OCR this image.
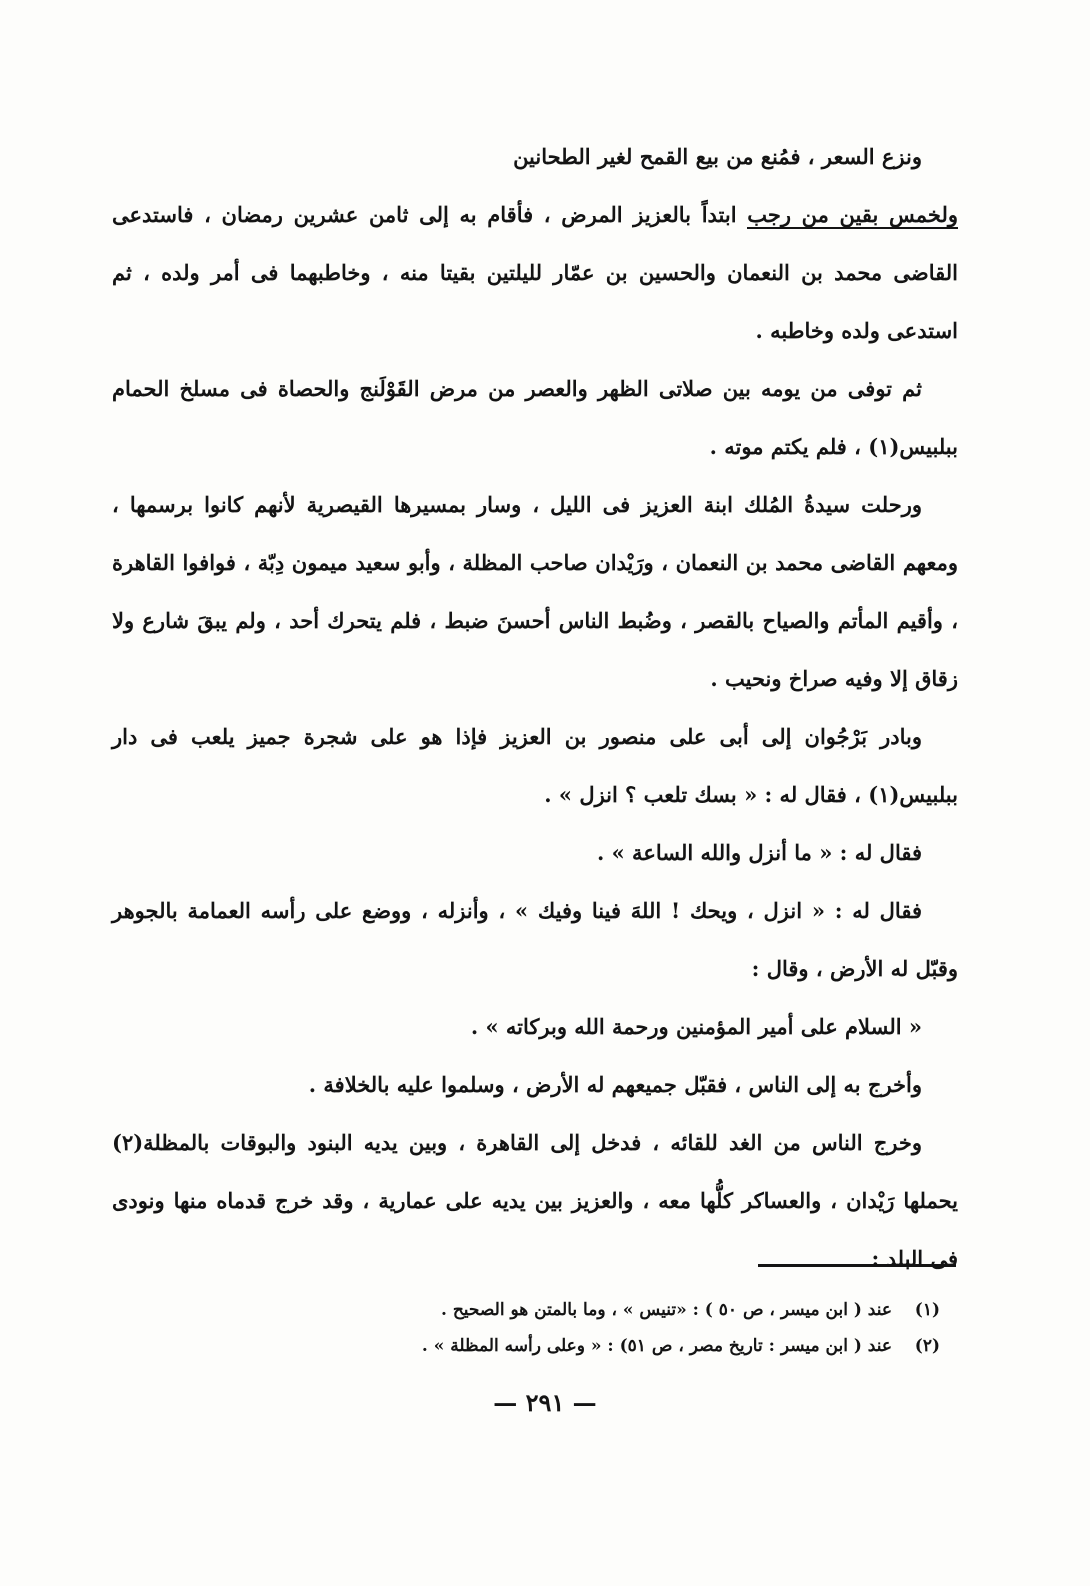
ونزع السعر ، فمُنع من بيع القمح لغير الطحانين

ولخمس بقين من رجب ابتداً بالعزيز المرض ، فأقام به إلى ثامن عشرين رمضان ، فاستدعى القاضى محمد بن النعمان والحسين بن عمّار لليلتين بقيتا منه ، وخاطبهما فى أمر ولده ، ثم استدعى ولده وخاطبه .

ثم توفى من يومه بين صلاتى الظهر والعصر من مرض القَوْلَنج والحصاة فى مسلخ الحمام ببلبيس(١) ، فلم يكتم موته .

ورحلت سيدةُ المُلك ابنة العزيز فى الليل ، وسار بمسيرها القيصرية لأنهم كانوا برسمها ، ومعهم القاضى محمد بن النعمان ، ورَيْدان صاحب المظلة ، وأبو سعيد ميمون دِبّة ، فوافوا القاهرة ، وأقيم المأتم والصياح بالقصر ، وضُبط الناس أحسنَ ضبط ، فلم يتحرك أحد ، ولم يبقَ شارع ولا زقاق إلا وفيه صراخ ونحيب .

وبادر بَرْجُوان إلى أبى على منصور بن العزيز فإذا هو على شجرة جميز يلعب فى دار ببلبيس(١) ، فقال له : « بسك تلعب ؟ انزل » .

فقال له : « ما أنزل والله الساعة » .

فقال له : « انزل ، ويحك ! اللهَ فينا وفيك » ، وأنزله ، ووضع على رأسه العمامة بالجوهر وقبّل له الأرض ، وقال :

« السلام على أمير المؤمنين ورحمة الله وبركاته » .

وأخرج به إلى الناس ، فقبّل جميعهم له الأرض ، وسلموا عليه بالخلافة .

وخرج الناس من الغد للقائه ، فدخل إلى القاهرة ، وبين يديه البنود والبوقات بالمظلة(٢) يحملها رَيْدان ، والعساكر كلُّها معه ، والعزيز بين يديه على عمارية ، وقد خرج قدماه منها ونودى فى البلد :

(١)عند ( ابن ميسر ، ص ٥٠ ) : «تنيس » ، وما بالمتن هو الصحيح .

(٢)عند ( ابن ميسر : تاريخ مصر ، ص ٥١) : « وعلى رأسه المظلة » .

— ٢٩١ —
